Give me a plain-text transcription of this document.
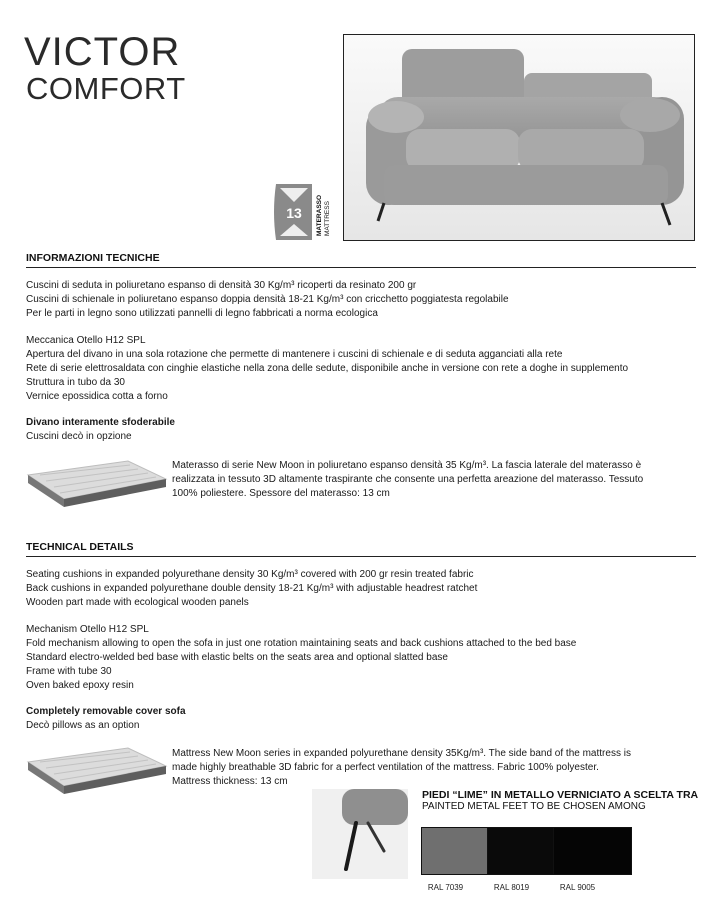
VICTOR
COMFORT
13 MATERASSO MATTRESS
INFORMAZIONI TECNICHE
Cuscini di seduta in poliuretano espanso di densità 30 Kg/m³ ricoperti da resinato 200 gr
Cuscini di schienale in poliuretano espanso doppia densità 18-21 Kg/m³ con cricchetto poggiatesta regolabile
Per le parti in legno sono utilizzati pannelli di legno fabbricati a norma ecologica
Meccanica Otello H12 SPL
Apertura del divano in una sola rotazione che permette di mantenere i cuscini di schienale e di seduta agganciati alla rete
Rete di serie elettrosaldata con cinghie elastiche nella zona delle sedute, disponibile anche in versione con rete a doghe in supplemento
Struttura in tubo da 30
Vernice epossidica cotta a forno
Divano interamente sfoderabile
Cuscini decò in opzione
Materasso di serie New Moon in poliuretano espanso densità 35 Kg/m³. La fascia laterale del materasso è
realizzata in tessuto 3D altamente traspirante che consente una perfetta areazione del materasso. Tessuto
100% poliestere. Spessore del materasso: 13 cm
TECHNICAL DETAILS
Seating cushions in expanded polyurethane density 30 Kg/m³ covered with 200 gr resin treated fabric
Back cushions in expanded polyurethane double density 18-21 Kg/m³ with adjustable headrest ratchet
Wooden part made with ecological wooden panels
Mechanism Otello H12 SPL
Fold mechanism allowing to open the sofa in just one rotation maintaining seats and back cushions attached to the bed base
Standard electro-welded bed base with elastic belts on the seats area and optional slatted base
Frame with tube 30
Oven baked epoxy resin
Completely removable cover sofa
Decò pillows as an option
Mattress New Moon series in expanded polyurethane density 35Kg/m³. The side band of the mattress is
made highly breathable 3D fabric for a perfect ventilation of the mattress. Fabric 100% polyester.
Mattress thickness: 13 cm
PIEDI “LIME” IN METALLO VERNICIATO A SCELTA TRA
PAINTED METAL FEET TO BE CHOSEN AMONG
RAL 7039	RAL 8019	RAL 9005
